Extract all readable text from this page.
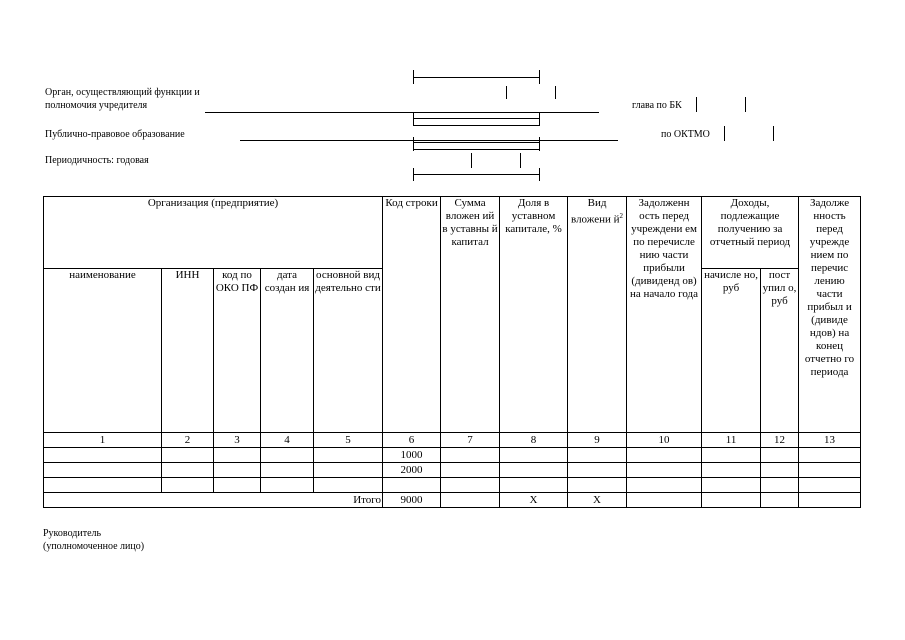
Орган, осуществляющий функции и
полномочия учредителя	глава по БК
Публично-правовое образование	по ОКТМО
Периодичность: годовая
Организация (предприятие)					Код строки	Сумма вложен ий в уставны й капитал	Доля в уставном капитале, %	Вид вложени $й^2$	Задолженн ость перед учреждени ем по перечисле нию части прибыли (дивиденд ов) на начало года	Доходы, подлежащие получению за отчетный период		Задолже нность перед учрежде нием по перечис лению части прибыл и (дивиде ндов) на конец отчетно го периода
наименование	ИНН	код по ОКО ПФ	дата создан ия	основной вид деятельно сти						начисле но, руб	пост упил о, руб	
1	2	3	4	5	6	7	8	9	10	11	12	13
					1000							
					2000							

Итого					9000		X	X				
Руководитель
(уполномоченное лицо)
